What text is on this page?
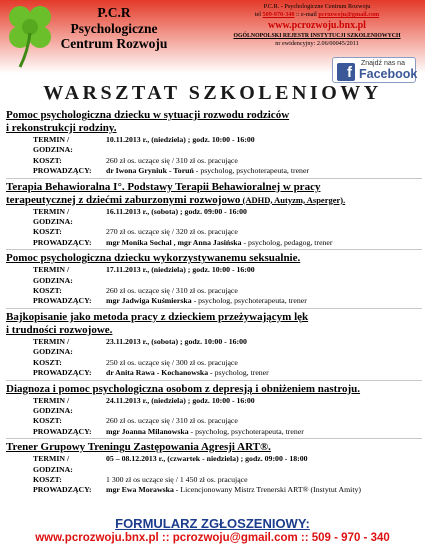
P.C.R
Psychologiczne
Centrum Rozwoju
P.C.R. - Psychologiczne Centrum Rozwoju
tel 509-970-340 :: e-mail pcrozwoju@gmail.com
www.pcrozwoju.bnx.pl
OGÓLNOPOLSKI REJESTR INSTYTUCJI SZKOLENIOWYCH
nr ewidencyjny: 2.06/00045/2011
f
Znajdź nas na
Facebook
WARSZTAT SZKOLENIOWY
Pomoc psychologiczna dziecku w sytuacji rozwodu rodziców
i rekonstrukcji rodziny.
TERMIN / GODZINA:
10.11.2013 r., (niedziela) ; godz. 10:00 - 16:00
KOSZT:	260 zł os. uczące się / 310 zł os. pracujące
PROWADZĄCY:	dr Iwona Gryniuk - Toruń - psycholog, psychoterapeuta, trener
Terapia Behawioralna I°. Podstawy Terapii Behawioralnej w pracy
terapeutycznej z dziećmi zaburzonymi rozwojowo (ADHD, Autyzm, Asperger).
TERMIN / GODZINA:
16.11.2013 r., (sobota) ; godz. 09:00 - 16:00
KOSZT:	270 zł os. uczące się / 320 zł os. pracujące
PROWADZĄCY:	mgr Monika Sochal , mgr Anna Jasińska - psycholog, pedagog, trener
Pomoc psychologiczna dziecku wykorzystywanemu seksualnie.
TERMIN / GODZINA:
17.11.2013 r., (niedziela) ; godz. 10:00 - 16:00
KOSZT:	260 zł os. uczące się / 310 zł os. pracujące
PROWADZĄCY:	mgr Jadwiga Kuśmierska - psycholog, psychoterapeuta, trener
Bajkopisanie jako metoda pracy z dzieckiem przeżywającym lęk
i trudności rozwojowe.
TERMIN / GODZINA:
23.11.2013 r., (sobota) ; godz. 10:00 - 16:00
KOSZT:	250 zł os. uczące się / 300 zł os. pracujące
PROWADZĄCY:	dr Anita Rawa - Kochanowska - psycholog, trener
Diagnoza i pomoc psychologiczna osobom z depresją i obniżeniem nastroju.
TERMIN / GODZINA:
24.11.2013 r., (niedziela) ; godz. 10:00 - 16:00
KOSZT:	260 zł os. uczące się / 310 zł os. pracujące
PROWADZĄCY:	mgr Joanna Milanowska - psycholog, psychoterapeuta, trener
Trener Grupowy Treningu Zastępowania Agresji ART®.
TERMIN / GODZINA:
05 – 08.12.2013 r., (czwartek - niedziela) ; godz. 09:00 - 18:00
KOSZT:	1 300 zł os uczące się / 1 450 zł os. pracujące
PROWADZĄCY:	mgr Ewa Morawska - Licencjonowany Mistrz Trenerski ART® (Instytut Amity)
FORMULARZ ZGŁOSZENIOWY:
www.pcrozwoju.bnx.pl :: pcrozwoju@gmail.com :: 509 - 970 - 340
